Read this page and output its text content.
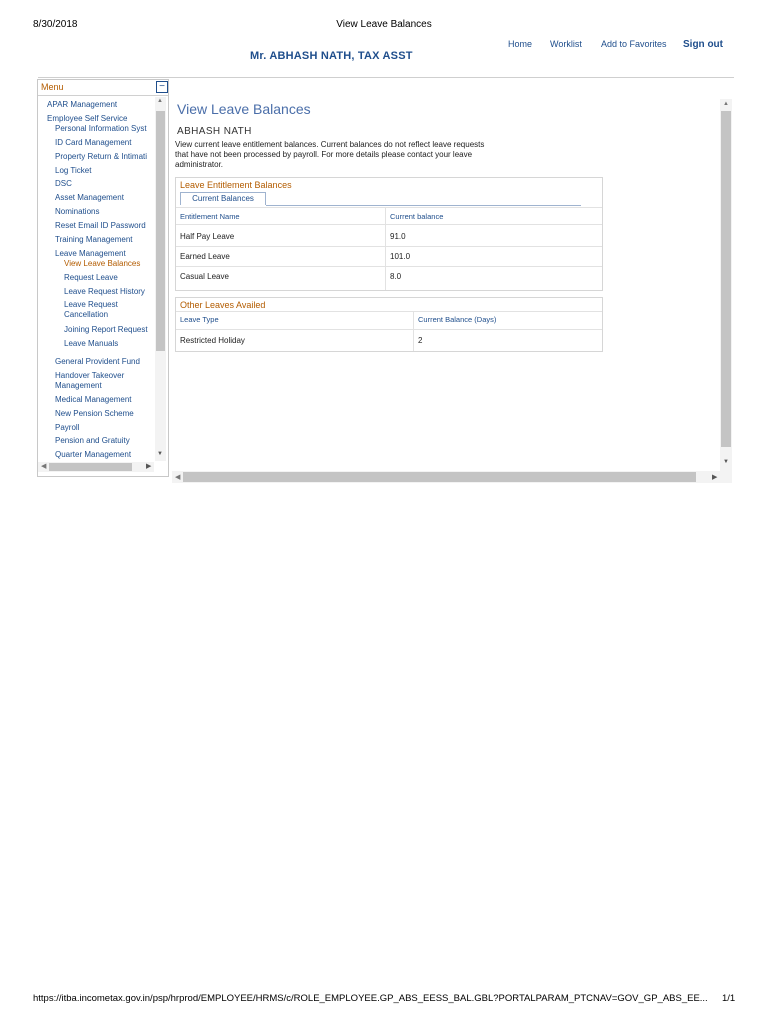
8/30/2018	View Leave Balances
Mr. ABHASH NATH, TAX ASST
Home Worklist Add to Favorites Sign out
Menu	−
APAR Management
Employee Self Service
Personal Information Syst
ID Card Management
Property Return & Intimati
Log Ticket
DSC
Asset Management
Nominations
Reset Email ID Password
Training Management
Leave Management
View Leave Balances
Request Leave
Leave Request History
Leave Request
Cancellation
Joining Report Request
Leave Manuals
General Provident Fund
Handover Takeover
Management
Medical Management
New Pension Scheme
Payroll
Pension and Gratuity
Quarter Management
▲
▼
◀	▶
View Leave Balances
ABHASH NATH
View current leave entitlement balances. Current balances do not reflect leave requests that have not been processed by payroll. For more details please contact your leave administrator.
Leave Entitlement Balances
Current Balances
Entitlement Name	Current balance
Half Pay Leave	91.0
Earned Leave	101.0
Casual Leave	8.0
Other Leaves Availed
Leave Type	Current Balance (Days)
Restricted Holiday	2
▲
▼
◀	▶
https://itba.incometax.gov.in/psp/hrprod/EMPLOYEE/HRMS/c/ROLE_EMPLOYEE.GP_ABS_EESS_BAL.GBL?PORTALPARAM_PTCNAV=GOV_GP_ABS_EE...	1/1
